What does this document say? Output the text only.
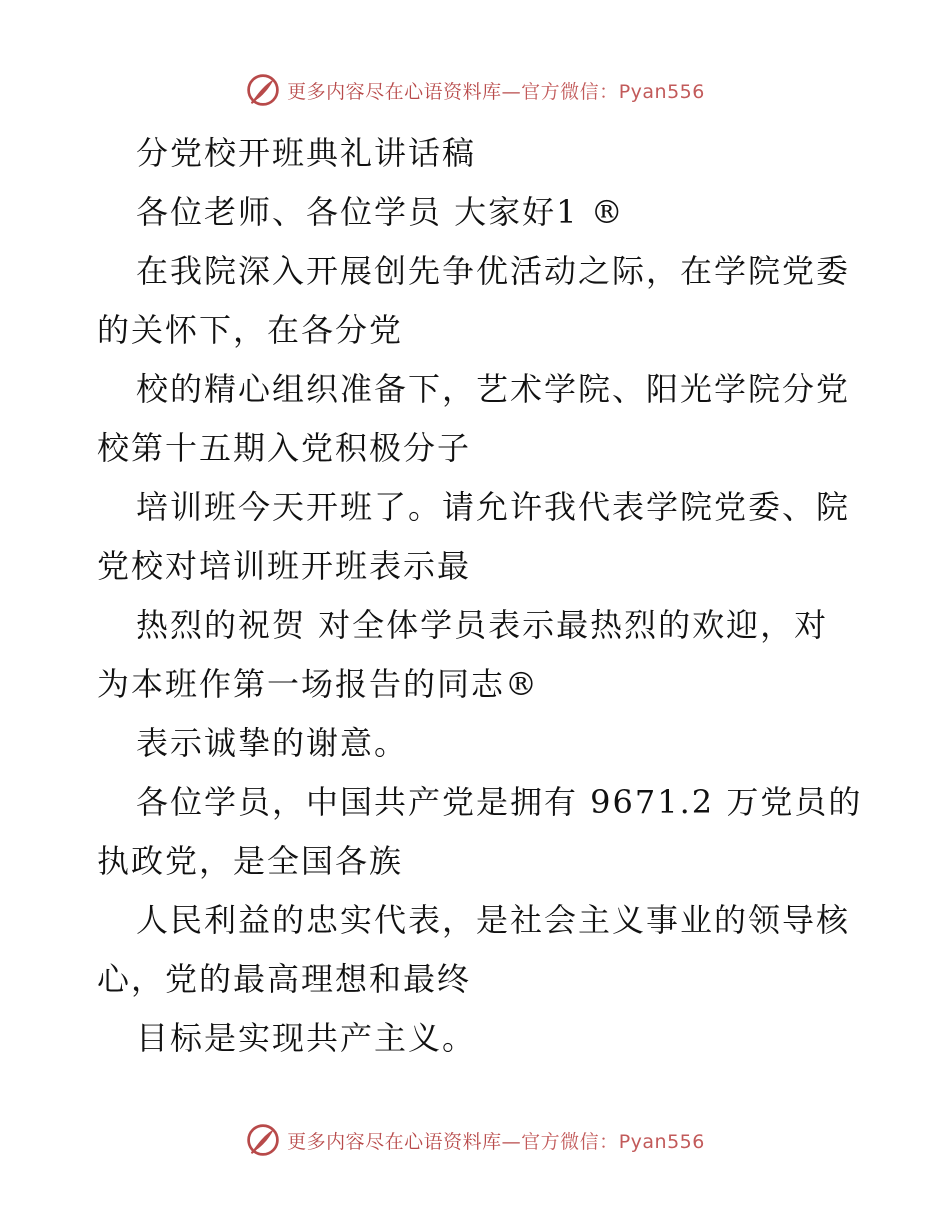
更多内容尽在心语资料库—官方微信：Pyan556

分党校开班典礼讲话稿

各位老师、各位学员 大家好1 ®

在我院深入开展创先争优活动之际，在学院党委

的关怀下，在各分党

校的精心组织准备下，艺术学院、阳光学院分党

校第十五期入党积极分子

培训班今天开班了。请允许我代表学院党委、院

党校对培训班开班表示最

热烈的祝贺 对全体学员表示最热烈的欢迎，对

为本班作第一场报告的同志®

表示诚挚的谢意。

各位学员，中国共产党是拥有 9671.2 万党员的

执政党，是全国各族

人民利益的忠实代表，是社会主义事业的领导核

心，党的最高理想和最终

目标是实现共产主义。

更多内容尽在心语资料库—官方微信：Pyan556
